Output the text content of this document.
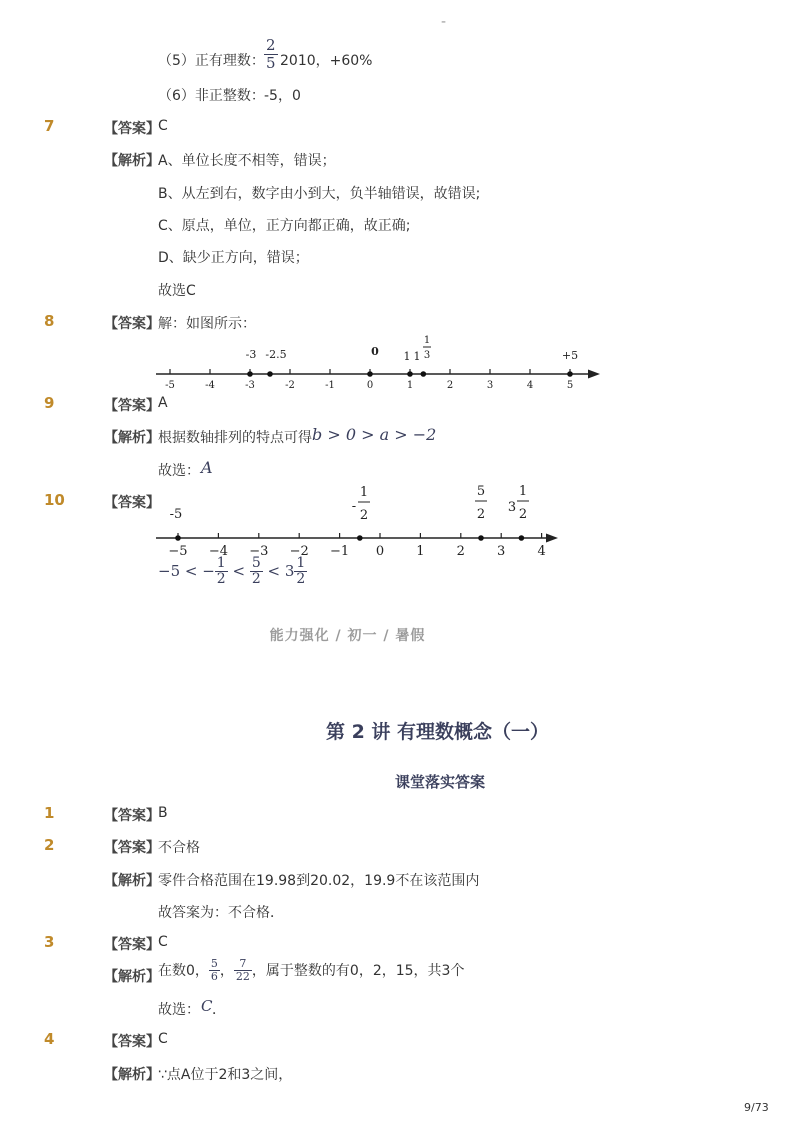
-
（5）正有理数： $\frac{2}{5} 2010$，+60%
（6）非正整数： -5，0
7	【答案】
C
【解析】
A、单位长度不相等，错误；
B、从左到右，数字由小到大，负半轴错误，故错误;
C、原点，单位，正方向都正确，故正确;
D、缺少正方向，错误；
故选C
8	【答案】
解：如图所示：
-5	-4	-3	-2	-1	0	1	2	3	4	5
-3 -2.5	0 1 1
1
3	+5
9	【答案】
A
【解析】
根据数轴排列的特点可得 b > 0 > a > −2
故选： A
10	【答案】
−5 −4 −3 −2 −1 0 1 2 3 4
-5
-
1
2
5
2 3
1
2
−5 < − $\frac{1}{2} < \frac{5}{2} < 3 \frac{1}{2}$
能力强化 / 初一 / 暑假
第 2 讲 有理数概念（一）
课堂落实答案
1	【答案】
B
2	【答案】
不合格
【解析】
零件合格范围在19.98到20.02，19.9不在该范围内
故答案为：不合格．
3	【答案】
C
【解析】
在数0， $\frac{5}{6}$ ， $\frac{7}{22}$ ，属于整数的有0，2，15，共3个
故选： C ．
4	【答案】
C
【解析】
∵点A位于2和3之间，
9/73
